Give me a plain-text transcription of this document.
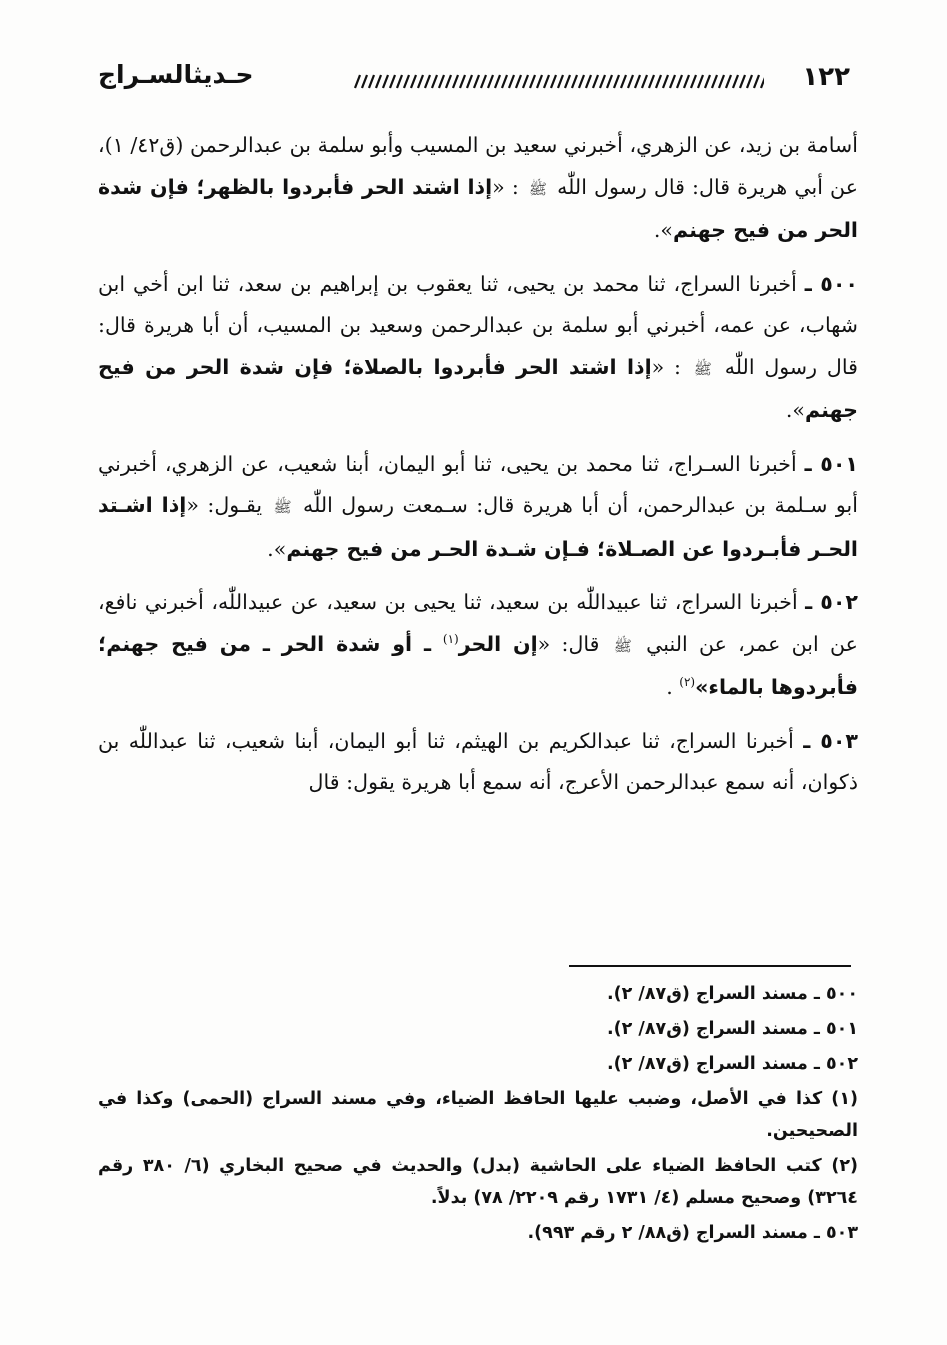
١٢٢
حـديثالسـراج

أسامة بن زيد، عن الزهري، أخبرني سعيد بن المسيب وأبو سلمة بن عبدالرحمن (ق٤٢/ ١)، عن أبي هريرة قال: قال رسول اللّٰه ﷺ : «إذا اشتد الحر فأبردوا بالظهر؛ فإن شدة الحر من فيح جهنم».

٥٠٠ ـ أخبرنا السراج، ثنا محمد بن يحيى، ثنا يعقوب بن إبراهيم بن سعد، ثنا ابن أخي ابن شهاب، عن عمه، أخبرني أبو سلمة بن عبدالرحمن وسعيد بن المسيب، أن أبا هريرة قال: قال رسول اللّٰه ﷺ : «إذا اشتد الحر فأبردوا بالصلاة؛ فإن شدة الحر من فيح جهنم».

٥٠١ ـ أخبرنا السـراج، ثنا محمد بن يحيى، ثنا أبو اليمان، أبنا شعيب، عن الزهري، أخبرني أبو سـلمة بن عبدالرحمن، أن أبا هريرة قال: سـمعت رسول اللّٰه ﷺ يقـول: «إذا اشـتد الحـر فأبـردوا عن الصـلاة؛ فـإن شـدة الحـر من فيح جهنم».

٥٠٢ ـ أخبرنا السراج، ثنا عبيداللّٰه بن سعيد، ثنا يحيى بن سعيد، عن عبيداللّٰه، أخبرني نافع، عن ابن عمر، عن النبي ﷺ قال: «إن الحر$^{(١)}$ ـ أو شدة الحر ـ من فيح جهنم؛ فأبردوها بالماء»$^{(٢)}$ .

٥٠٣ ـ أخبرنا السراج، ثنا عبدالكريم بن الهيثم، ثنا أبو اليمان، أبنا شعيب، ثنا عبداللّٰه بن ذكوان، أنه سمع عبدالرحمن الأعرج، أنه سمع أبا هريرة يقول: قال

٥٠٠ ـ مسند السراج (ق٨٧/ ٢).
٥٠١ ـ مسند السراج (ق٨٧/ ٢).
٥٠٢ ـ مسند السراج (ق٨٧/ ٢).
(١) كذا في الأصل، وضبب عليها الحافظ الضياء، وفي مسند السراج (الحمى) وكذا في الصحيحين.
(٢) كتب الحافظ الضياء على الحاشية (بدل) والحديث في صحيح البخاري (٦/ ٣٨٠ رقم ٣٢٦٤) وصحيح مسلم (٤/ ١٧٣١ رقم ٢٢٠٩/ ٧٨) بدلاً.
٥٠٣ ـ مسند السراج (ق٨٨/ ٢ رقم ٩٩٣).
